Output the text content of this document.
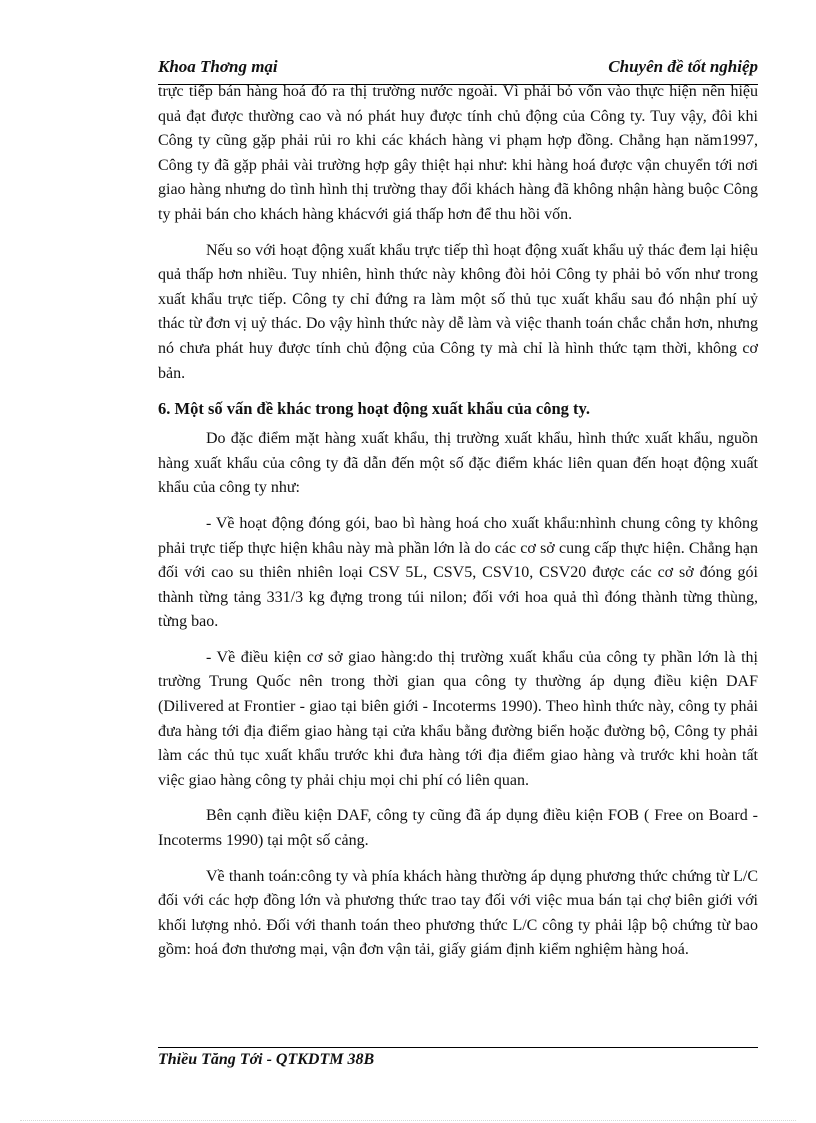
Khoa Thơng mại	Chuyên đề tốt nghiệp

trực tiếp bán hàng hoá đó ra thị trường nước ngoài. Vì phải bỏ vốn vào thực hiện nên hiệu quả đạt được thường cao và nó phát huy được tính chủ động của Công ty. Tuy vậy, đôi khi Công ty cũng gặp phải rủi ro khi các khách hàng vi phạm hợp đồng. Chẳng hạn năm1997, Công ty đã gặp phải vài trường hợp gây thiệt hại như: khi hàng hoá được vận chuyển tới nơi giao hàng nhưng do tình hình thị trường thay đổi khách hàng đã không nhận hàng buộc Công ty phải bán cho khách hàng khácvới giá thấp hơn để thu hồi vốn.

Nếu so với hoạt động xuất khẩu trực tiếp thì hoạt động xuất khẩu uỷ thác đem lại hiệu quả thấp hơn nhiều. Tuy nhiên, hình thức này không đòi hỏi Công ty phải bỏ vốn như trong xuất khẩu trực tiếp. Công ty chỉ đứng ra làm một số thủ tục xuất khẩu sau đó nhận phí uỷ thác từ đơn vị uỷ thác. Do vậy hình thức này dễ làm và việc thanh toán chắc chắn hơn, nhưng nó chưa phát huy được tính chủ động của Công ty mà chỉ là hình thức tạm thời, không cơ bản.

6. Một số vấn đề khác trong hoạt động xuất khẩu của công ty.

Do đặc điểm mặt hàng xuất khẩu, thị trường xuất khẩu, hình thức xuất khẩu, nguồn hàng xuất khẩu của công ty đã dẫn đến một số đặc điểm khác liên quan đến hoạt động xuất khẩu của công ty như:

- Về hoạt động đóng gói, bao bì hàng hoá cho xuất khẩu:nhình chung công ty không phải trực tiếp thực hiện khâu này mà phần lớn là do các cơ sở cung cấp thực hiện. Chẳng hạn đối với cao su thiên nhiên loại CSV 5L, CSV5, CSV10, CSV20 được các cơ sở đóng gói thành từng tảng 331/3 kg đựng trong túi nilon; đối với hoa quả thì đóng thành từng thùng, từng bao.

- Về điều kiện cơ sở giao hàng:do thị trường xuất khẩu của công ty phần lớn là thị trường Trung Quốc nên trong thời gian qua công ty thường áp dụng điều kiện DAF (Dilivered at Frontier - giao tại biên giới - Incoterms 1990). Theo hình thức này, công ty phải đưa hàng tới địa điểm giao hàng tại cửa khẩu bằng đường biển hoặc đường bộ, Công ty phải làm các thủ tục xuất khẩu trước khi đưa hàng tới địa điểm giao hàng và trước khi hoàn tất việc giao hàng công ty phải chịu mọi chi phí có liên quan.

Bên cạnh điều kiện DAF, công ty cũng đã áp dụng điều kiện FOB ( Free on Board - Incoterms 1990) tại một số cảng.

Về thanh toán:công ty và phía khách hàng thường áp dụng phương thức chứng từ L/C đối với các hợp đồng lớn và phương thức trao tay đối với việc mua bán tại chợ biên giới với khối lượng nhỏ. Đối với thanh toán theo phương thức L/C công ty phải lập bộ chứng từ bao gồm: hoá đơn thương mại, vận đơn vận tải, giấy giám định kiểm nghiệm hàng hoá.

Thiều Tăng Tới - QTKDTM 38B
